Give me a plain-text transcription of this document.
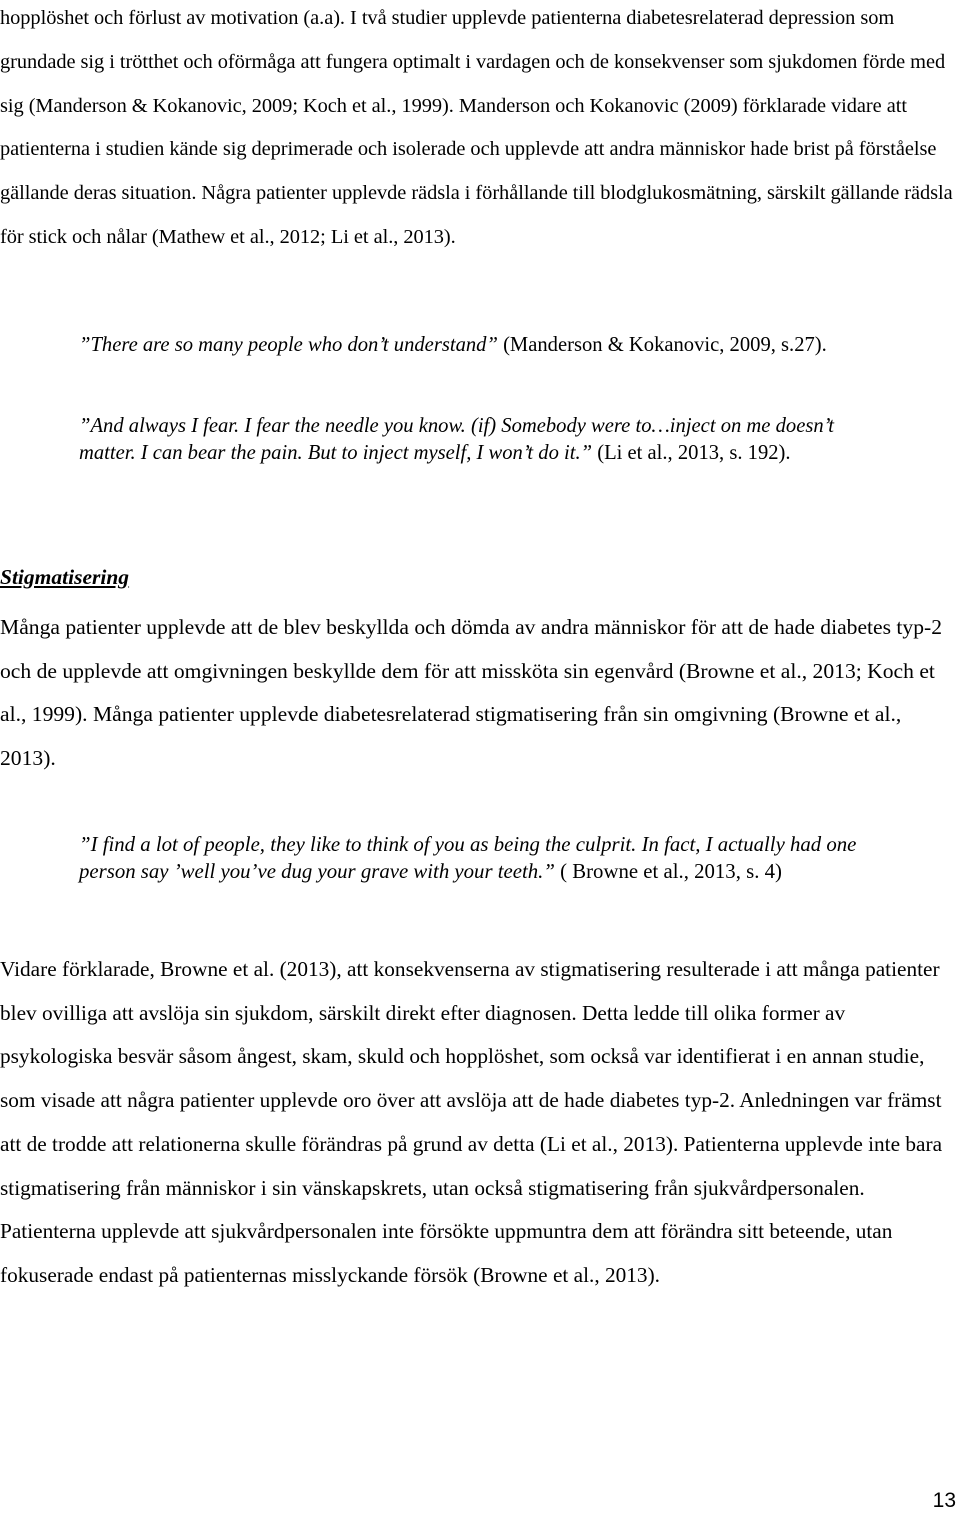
hopplöshet och förlust av motivation (a.a). I två studier upplevde patienterna diabetesrelaterad depression som grundade sig i trötthet och oförmåga att fungera optimalt i vardagen och de konsekvenser som sjukdomen förde med sig (Manderson & Kokanovic, 2009; Koch et al., 1999). Manderson och Kokanovic (2009) förklarade vidare att patienterna i studien kände sig deprimerade och isolerade och upplevde att andra människor hade brist på förståelse gällande deras situation. Några patienter upplevde rädsla i förhållande till blodglukosmätning, särskilt gällande rädsla för stick och nålar (Mathew et al., 2012; Li et al., 2013).

”There are so many people who don’t understand” (Manderson & Kokanovic, 2009, s.27).

”And always I fear. I fear the needle you know. (if) Somebody were to…inject on me doesn’t matter. I can bear the pain. But to inject myself, I won’t do it.” (Li et al., 2013, s. 192).

Stigmatisering

Många patienter upplevde att de blev beskyllda och dömda av andra människor för att de hade diabetes typ-2 och de upplevde att omgivningen beskyllde dem för att missköta sin egenvård (Browne et al., 2013; Koch et al., 1999). Många patienter upplevde diabetesrelaterad stigmatisering från sin omgivning (Browne et al., 2013).

”I find a lot of people, they like to think of you as being the culprit. In fact, I actually had one person say ’well you’ve dug your grave with your teeth.” ( Browne et al., 2013, s. 4)

Vidare förklarade, Browne et al. (2013), att konsekvenserna av stigmatisering resulterade i att många patienter blev ovilliga att avslöja sin sjukdom, särskilt direkt efter diagnosen. Detta ledde till olika former av psykologiska besvär såsom ångest, skam, skuld och hopplöshet, som också var identifierat i en annan studie, som visade att några patienter upplevde oro över att avslöja att de hade diabetes typ-2. Anledningen var främst att de trodde att relationerna skulle förändras på grund av detta (Li et al., 2013). Patienterna upplevde inte bara stigmatisering från människor i sin vänskapskrets, utan också stigmatisering från sjukvårdpersonalen. Patienterna upplevde att sjukvårdpersonalen inte försökte uppmuntra dem att förändra sitt beteende, utan fokuserade endast på patienternas misslyckande försök (Browne et al., 2013).

13
